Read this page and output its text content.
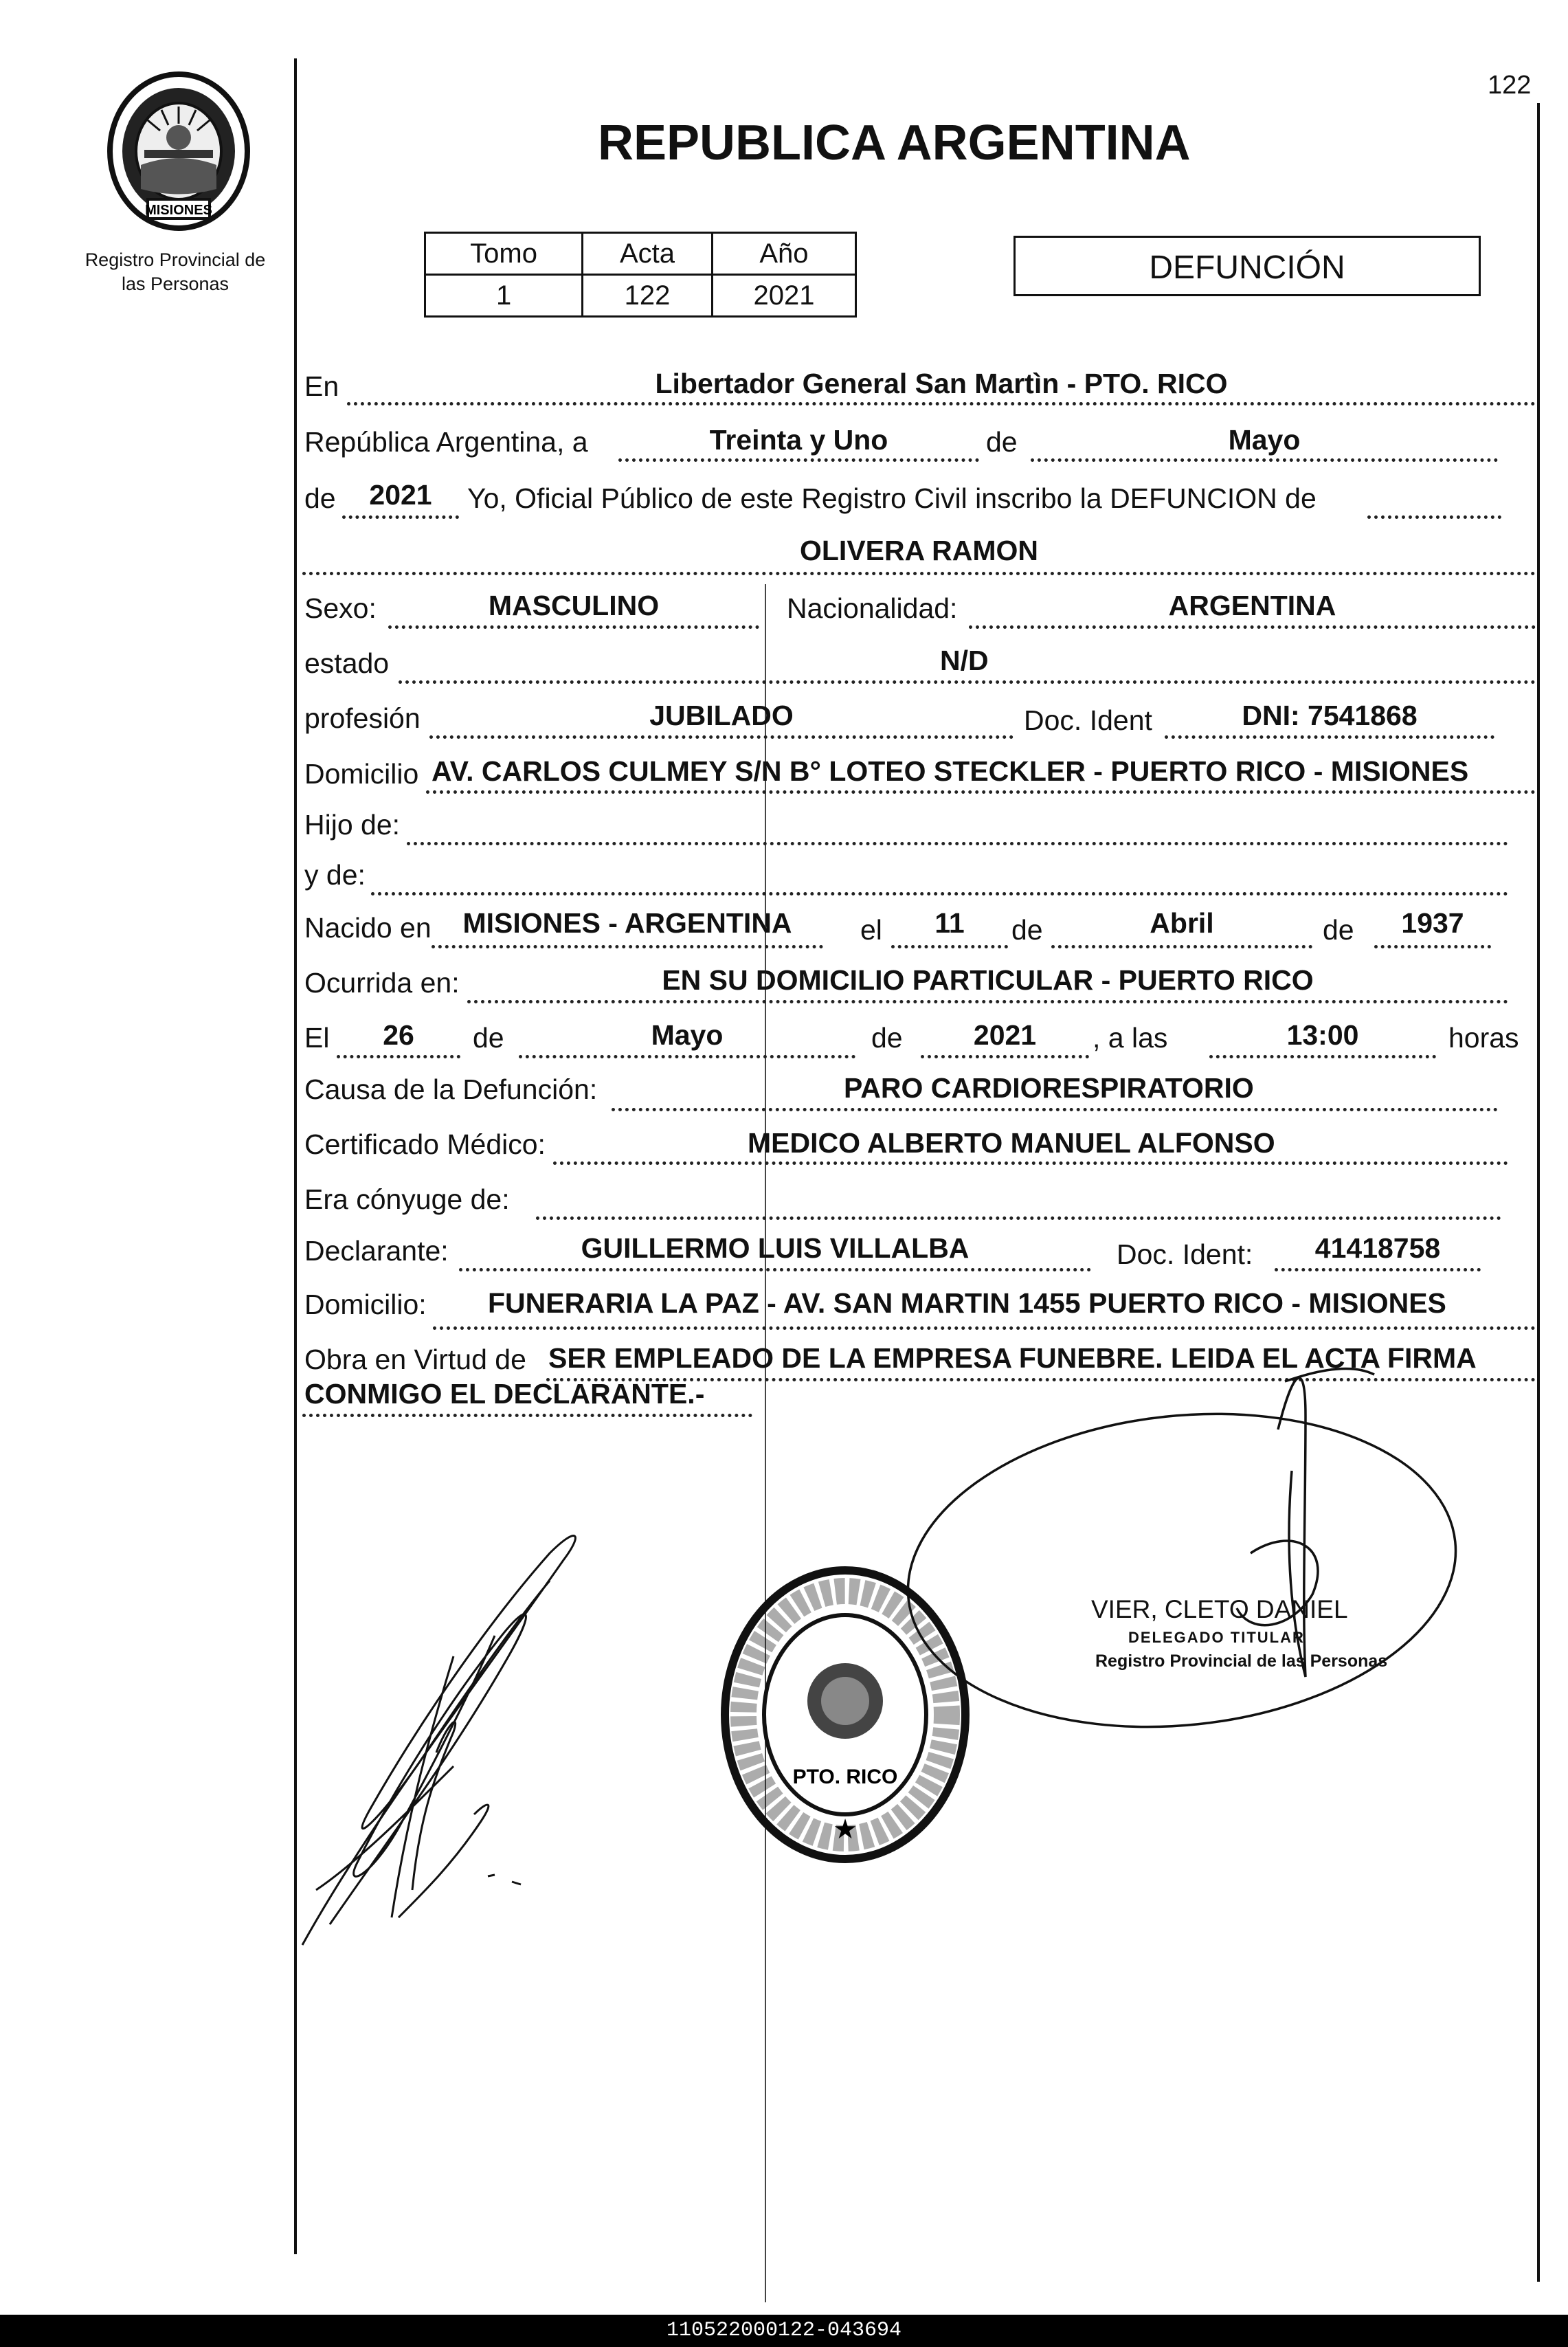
MISIONES
Registro Provincial de
las Personas
REPUBLICA ARGENTINA
122
Tomo	Acta	Año
1	122	2021
DEFUNCIÓN
En	Libertador General San Martìn - PTO. RICO
República Argentina, a	Treinta y Uno	de	Mayo
de	2021	Yo, Oficial Público de este Registro Civil inscribo la DEFUNCION de
OLIVERA RAMON
Sexo:	MASCULINO	Nacionalidad:	ARGENTINA
estado	N/D
profesión	JUBILADO	Doc. Ident	DNI: 7541868
Domicilio AV. CARLOS CULMEY S/N B° LOTEO STECKLER - PUERTO RICO - MISIONES
Hijo de:
y de:
Nacido en	MISIONES - ARGENTINA	el	11	de	Abril	de	1937
Ocurrida en:	EN SU DOMICILIO PARTICULAR - PUERTO RICO
El	26	de	Mayo	de	2021	, a las	13:00	horas
Causa de la Defunción:	PARO CARDIORESPIRATORIO
Certificado Médico:	MEDICO ALBERTO MANUEL ALFONSO
Era cónyuge de:
Declarante:	GUILLERMO LUIS VILLALBA	Doc. Ident:	41418758
Domicilio: FUNERARIA LA PAZ - AV. SAN MARTIN 1455 PUERTO RICO - MISIONES
Obra en Virtud de SER EMPLEADO DE LA EMPRESA FUNEBRE. LEIDA EL ACTA FIRMA
CONMIGO EL DECLARANTE.-
PTO. RICO
★
VIER, CLETO DANIEL
DELEGADO TITULAR
Registro Provincial de las Personas
110522000122-043694
